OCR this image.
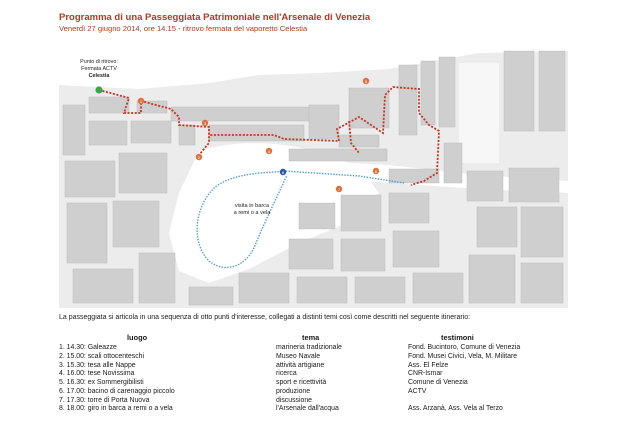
Programma di una Passeggiata Patrimoniale nell'Arsenale di Venezia
Venerdì 27 giugno 2014, ore 14.15 - ritrovo fermata del vaporetto Celestia
Punto di ritrovo:
Fermata ACTV
Celestia
visita in barca
a remi o a vela
1
2
3
4
5
6
7
8
La passeggiata si articola in una sequenza di otto punti d'interesse, collegati a distinti temi così come descritti nel seguente itinerario:
luogo	tema	testimoni
1. 14.30: Galeazze
2. 15.00: scali ottocenteschi
3. 15.30: tesa alle Nappe
4. 16.00: tese Novissima
5. 16.30: ex Sommergibilisti
6. 17.00: bacino di carenaggio piccolo
7. 17.30: torre di Porta Nuova
8. 18.00: giro in barca a remi o a vela
marineria tradizionale
Museo Navale
attività artigiane
ricerca
sport e ricettività
produzione
discussione
l'Arsenale dall'acqua
Fond. Bucintoro, Comune di Venezia
Fond. Musei Civici, Vela, M. Militare
Ass. El Felze
CNR-Ismar
Comune di Venezia
ACTV
Ass. Arzanà, Ass. Vela al Terzo
